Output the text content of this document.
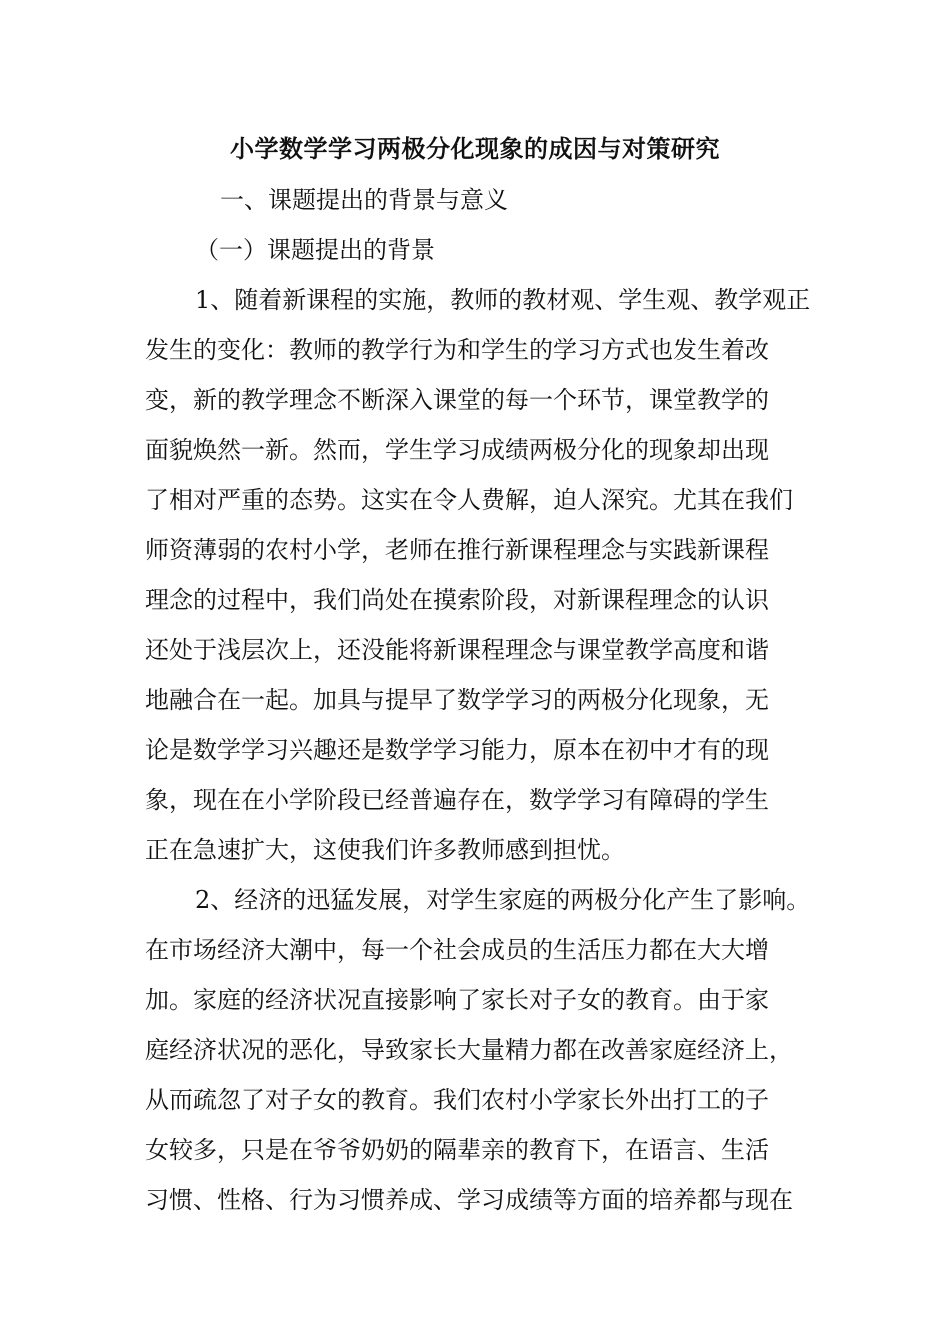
小学数学学习两极分化现象的成因与对策研究
一、课题提出的背景与意义
（一）课题提出的背景
1、随着新课程的实施，教师的教材观、学生观、教学观正
发生的变化：教师的教学行为和学生的学习方式也发生着改
变，新的教学理念不断深入课堂的每一个环节，课堂教学的
面貌焕然一新。然而，学生学习成绩两极分化的现象却出现
了相对严重的态势。这实在令人费解，迫人深究。尤其在我们
师资薄弱的农村小学，老师在推行新课程理念与实践新课程
理念的过程中，我们尚处在摸索阶段，对新课程理念的认识
还处于浅层次上，还没能将新课程理念与课堂教学高度和谐
地融合在一起。加具与提早了数学学习的两极分化现象，无
论是数学学习兴趣还是数学学习能力，原本在初中才有的现
象，现在在小学阶段已经普遍存在，数学学习有障碍的学生
正在急速扩大，这使我们许多教师感到担忧。
2、经济的迅猛发展，对学生家庭的两极分化产生了影响。
在市场经济大潮中，每一个社会成员的生活压力都在大大增
加。家庭的经济状况直接影响了家长对子女的教育。由于家
庭经济状况的恶化，导致家长大量精力都在改善家庭经济上，
从而疏忽了对子女的教育。我们农村小学家长外出打工的子
女较多，只是在爷爷奶奶的隔辈亲的教育下，在语言、生活
习惯、性格、行为习惯养成、学习成绩等方面的培养都与现在
